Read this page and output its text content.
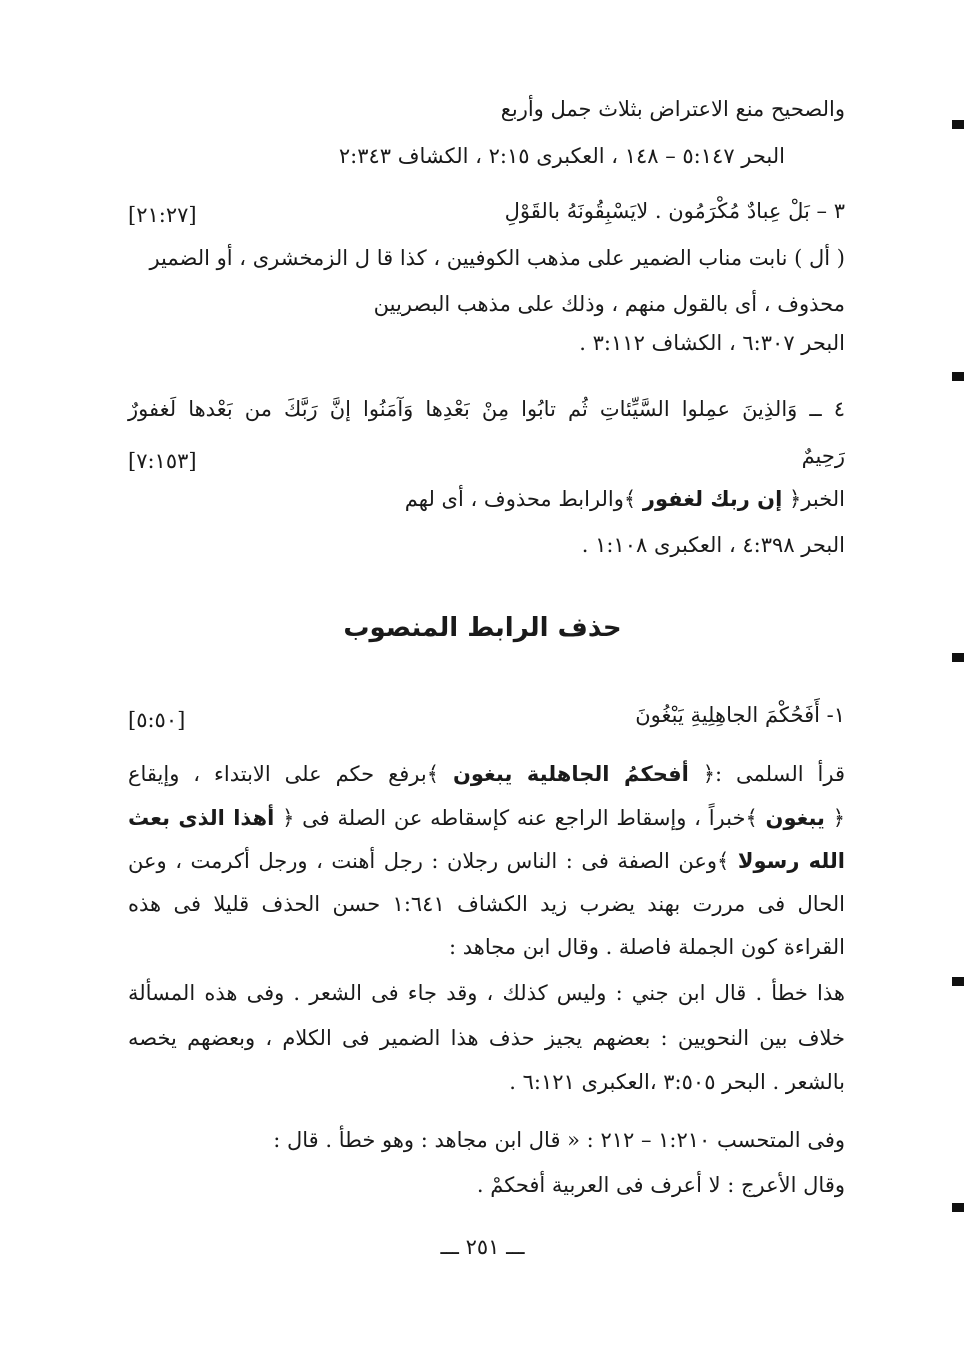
والصحيح منع الاعتراض بثلاث جمل وأربع
البحر ٥:١٤٧ – ١٤٨ ، العكبرى ٢:١٥ ، الكشاف ٢:٣٤٣
٣ – بَلْ عِبادٌ مُكْرَمُون . لايَسْبِقُونَهُ بالقَوْلِ
[٢١:٢٧]
( أل ) نابت مناب الضمير على مذهب الكوفيين ، كذا قا ل الزمخشرى ، أو الضمير
محذوف ، أى بالقول منهم ، وذلك على مذهب البصريين
البحر ٦:٣٠٧ ، الكشاف ٣:١١٢ .
٤ ــ وَالذِينَ عمِلوا السَّيِّئاتِ ثُم تابُوا مِنْ بَعْدِها وَآمَنُوا إنَّ رَبَّكَ من بَعْدها لَغفورٌ
رَحِيمٌ
[٧:١٥٣]
الخبر﴿ إن ربك لغفور ﴾والرابط محذوف ، أى لهم
البحر ٤:٣٩٨ ، العكبرى ١:١٠٨ .
حذف الرابط المنصوب
١- أَفَحُكْمَ الجاهِلِيةِ يَبْغُونَ
[٥:٥٠]
قرأ السلمى :﴿ أفحكمُ الجاهلية يبغون ﴾برفع حكم على الابتداء ، وإيقاع
﴿ يبغون ﴾خبراً ، وإسقاط الراجع عنه كإسقاطه عن الصلة فى ﴿ أهذا الذى بعث
الله رسولا ﴾وعن الصفة فى : الناس رجلان : رجل أهنت ، ورجل أكرمت ، وعن
الحال فى مررت بهند يضرب زيد الكشاف ١:٦٤١ حسن الحذف قليلا فى هذه
القراءة كون الجملة فاصلة . وقال ابن مجاهد :
هذا خطأ . قال ابن جني : وليس كذلك ، وقد جاء فى الشعر . وفى هذه المسألة
خلاف بين النحويين : بعضهم يجيز حذف هذا الضمير فى الكلام ، وبعضهم يخصه
بالشعر . البحر ٣:٥٠٥ ،العكبرى ٦:١٢١ .
وفى المتحسب ١:٢١٠ – ٢١٢ : « قال ابن مجاهد : وهو خطأ . قال :
وقال الأعرج : لا أعرف فى العربية أفحكمْ .
ـــ ٢٥١ ـــ
